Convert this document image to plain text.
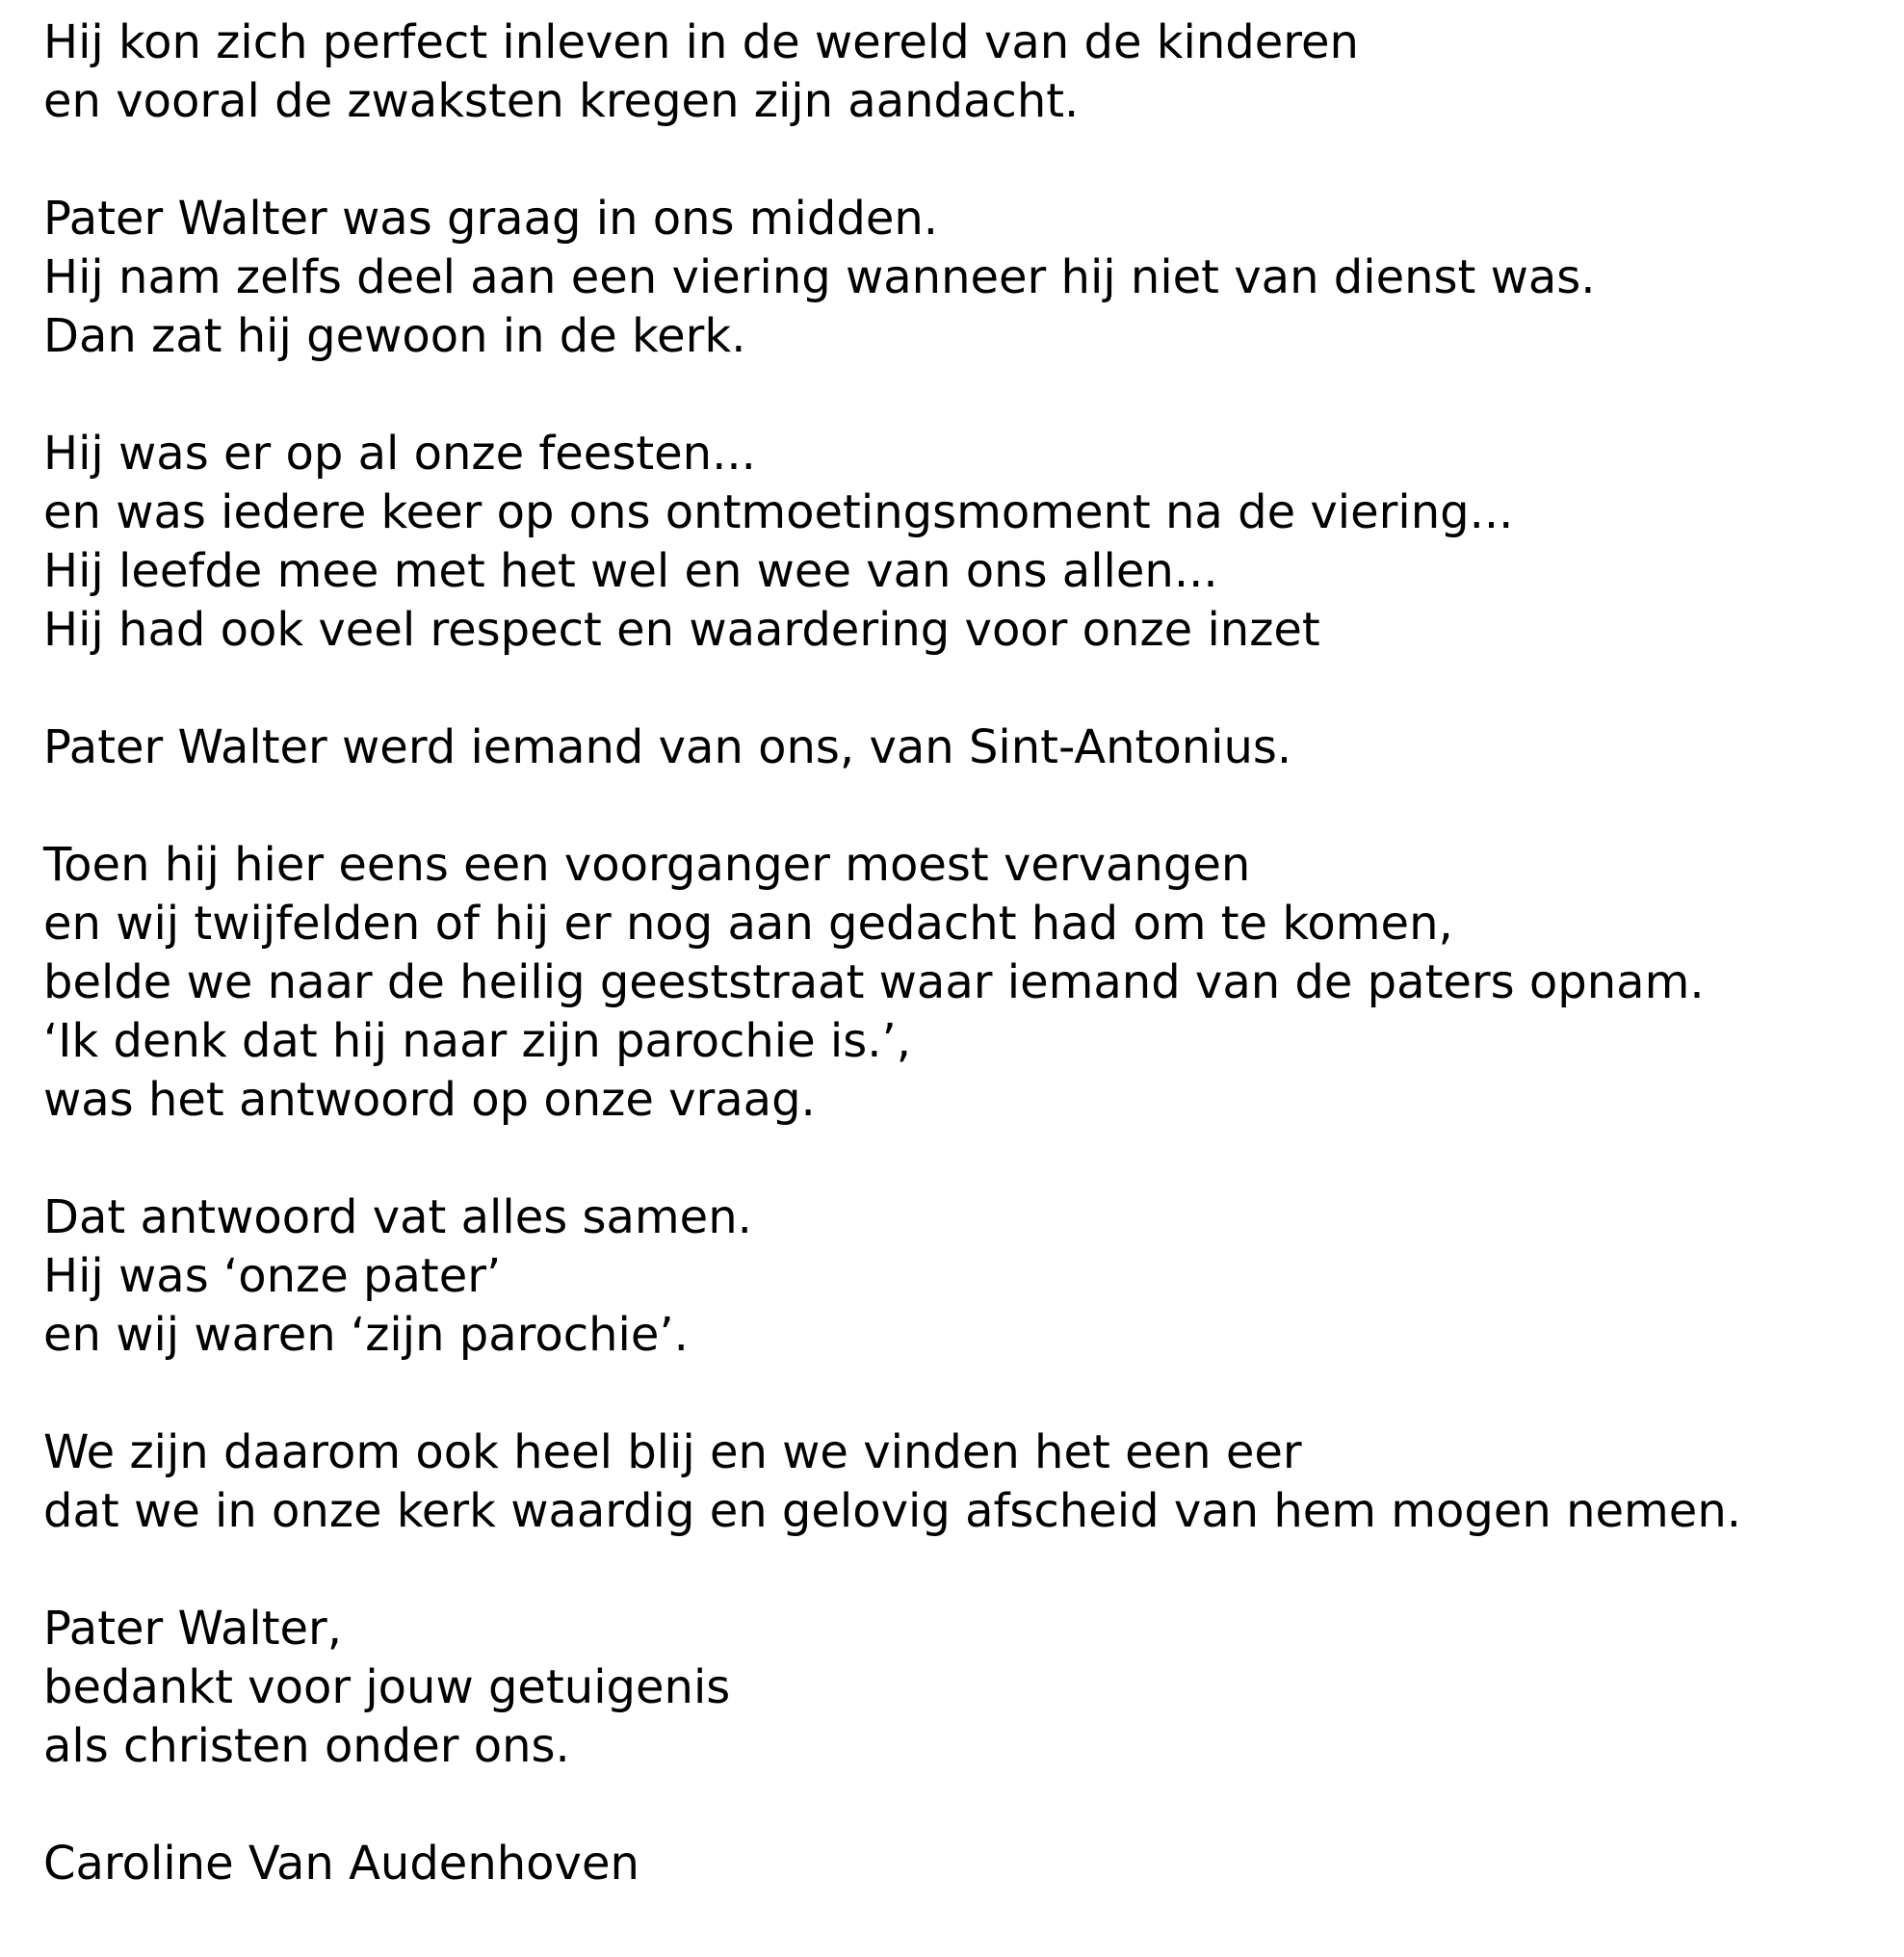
Hij kon zich perfect inleven in de wereld van de kinderen
en vooral de zwaksten kregen zijn aandacht.
Pater Walter was graag in ons midden.
Hij nam zelfs deel aan een viering wanneer hij niet van dienst was.
Dan zat hij gewoon in de kerk.
Hij was er op al onze feesten...
en was iedere keer op ons ontmoetingsmoment na de viering...
Hij leefde mee met het wel en wee van ons allen...
Hij had ook veel respect en waardering voor onze inzet
Pater Walter werd iemand van ons, van Sint-Antonius.
Toen hij hier eens een voorganger moest vervangen
en wij twijfelden of hij er nog aan gedacht had om te komen,
belde we naar de heilig geeststraat waar iemand van de paters opnam.
‘Ik denk dat hij naar zijn parochie is.’,
was het antwoord op onze vraag.
Dat antwoord vat alles samen.
Hij was ‘onze pater’
en wij waren ‘zijn parochie’.
We zijn daarom ook heel blij en we vinden het een eer
dat we in onze kerk waardig en gelovig afscheid van hem mogen nemen.
Pater Walter,
bedankt voor jouw getuigenis
als christen onder ons.
Caroline Van Audenhoven
